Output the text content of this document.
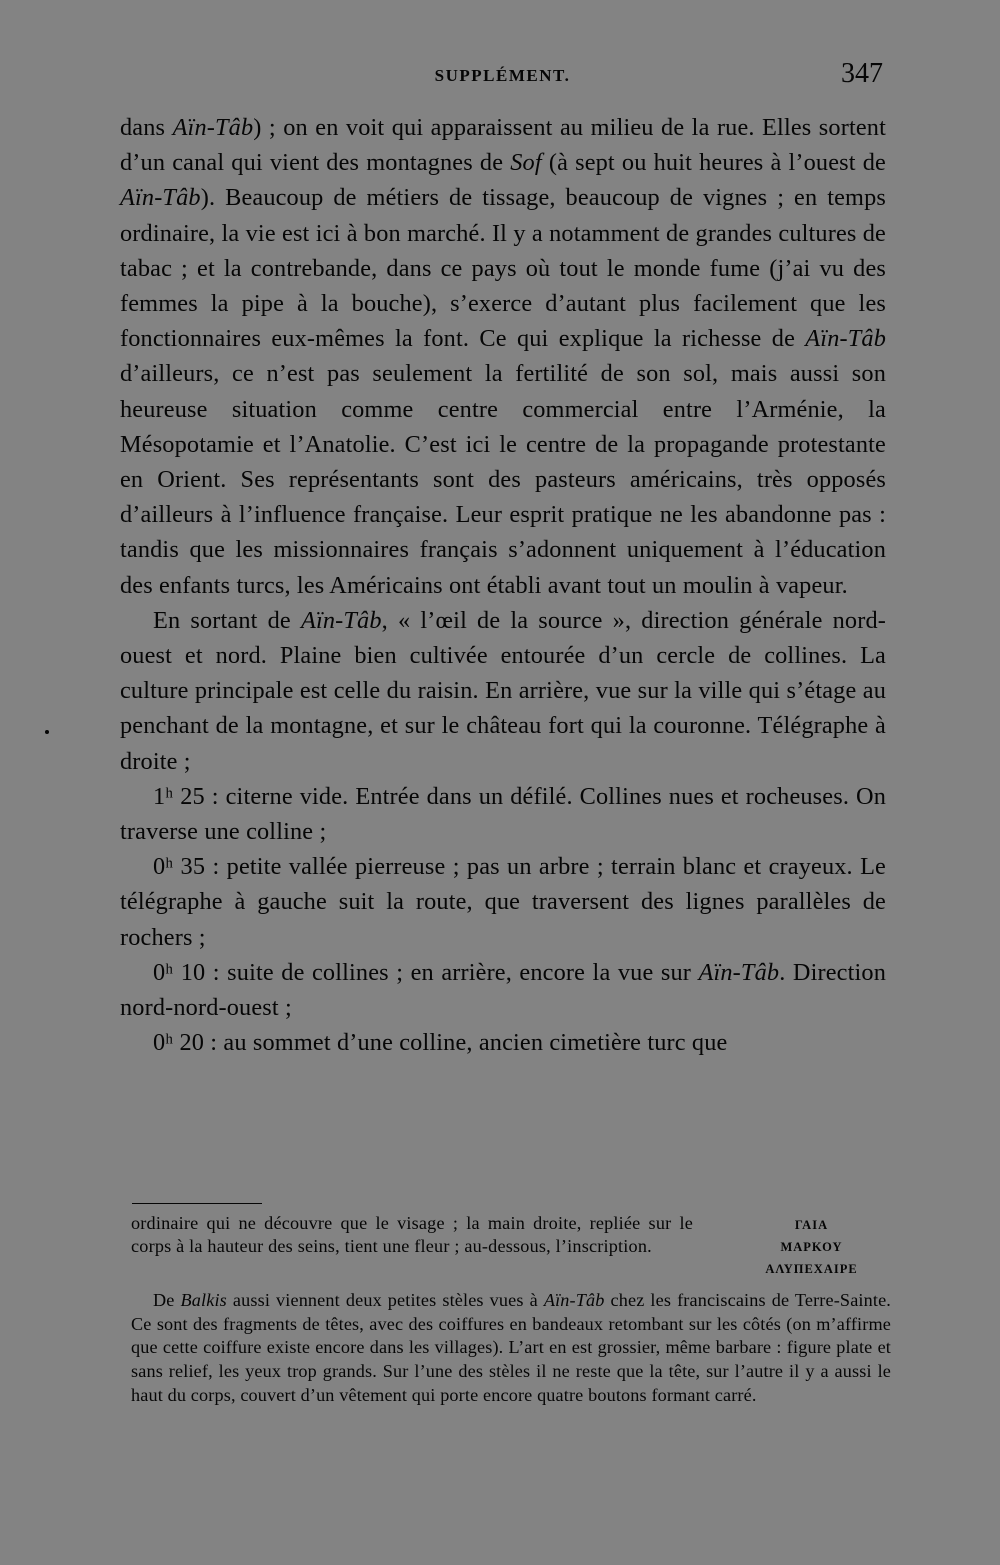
SUPPLÉMENT.	347

dans Aïn-Tâb) ; on en voit qui apparaissent au milieu de la rue. Elles sortent d’un canal qui vient des montagnes de Sof (à sept ou huit heures à l’ouest de Aïn-Tâb). Beaucoup de métiers de tissage, beaucoup de vignes ; en temps ordinaire, la vie est ici à bon marché. Il y a notamment de grandes cultures de tabac ; et la contrebande, dans ce pays où tout le monde fume (j’ai vu des femmes la pipe à la bouche), s’exerce d’autant plus facilement que les fonctionnaires eux-mêmes la font. Ce qui explique la richesse de Aïn-Tâb d’ailleurs, ce n’est pas seulement la fertilité de son sol, mais aussi son heureuse situation comme centre commercial entre l’Arménie, la Mésopotamie et l’Anatolie. C’est ici le centre de la propagande protestante en Orient. Ses représentants sont des pasteurs américains, très opposés d’ailleurs à l’influence française. Leur esprit pratique ne les abandonne pas : tandis que les missionnaires français s’adonnent uniquement à l’éducation des enfants turcs, les Américains ont établi avant tout un moulin à vapeur.

En sortant de Aïn-Tâb, « l’œil de la source », direction générale nord-ouest et nord. Plaine bien cultivée entourée d’un cercle de collines. La culture principale est celle du raisin. En arrière, vue sur la ville qui s’étage au penchant de la montagne, et sur le château fort qui la couronne. Télégraphe à droite ;

1ʰ 25 : citerne vide. Entrée dans un défilé. Collines nues et rocheuses. On traverse une colline ;

0ʰ 35 : petite vallée pierreuse ; pas un arbre ; terrain blanc et crayeux. Le télégraphe à gauche suit la route, que traversent des lignes parallèles de rochers ;

0ʰ 10 : suite de collines ; en arrière, encore la vue sur Aïn-Tâb. Direction nord-nord-ouest ;

0ʰ 20 : au sommet d’une colline, ancien cimetière turc que

ordinaire qui ne découvre que le visage ; la main droite, repliée sur le corps à la hauteur des seins, tient une fleur ; au-dessous, l’inscription.
ΓΑΙΑ
ΜΑΡΚΟΥ
ΑΛΥΠΕΧΑΙΡΕ

De Balkis aussi viennent deux petites stèles vues à Aïn-Tâb chez les franciscains de Terre-Sainte. Ce sont des fragments de têtes, avec des coiffures en bandeaux retombant sur les côtés (on m’affirme que cette coiffure existe encore dans les villages). L’art en est grossier, même barbare : figure plate et sans relief, les yeux trop grands. Sur l’une des stèles il ne reste que la tête, sur l’autre il y a aussi le haut du corps, couvert d’un vêtement qui porte encore quatre boutons formant carré.
